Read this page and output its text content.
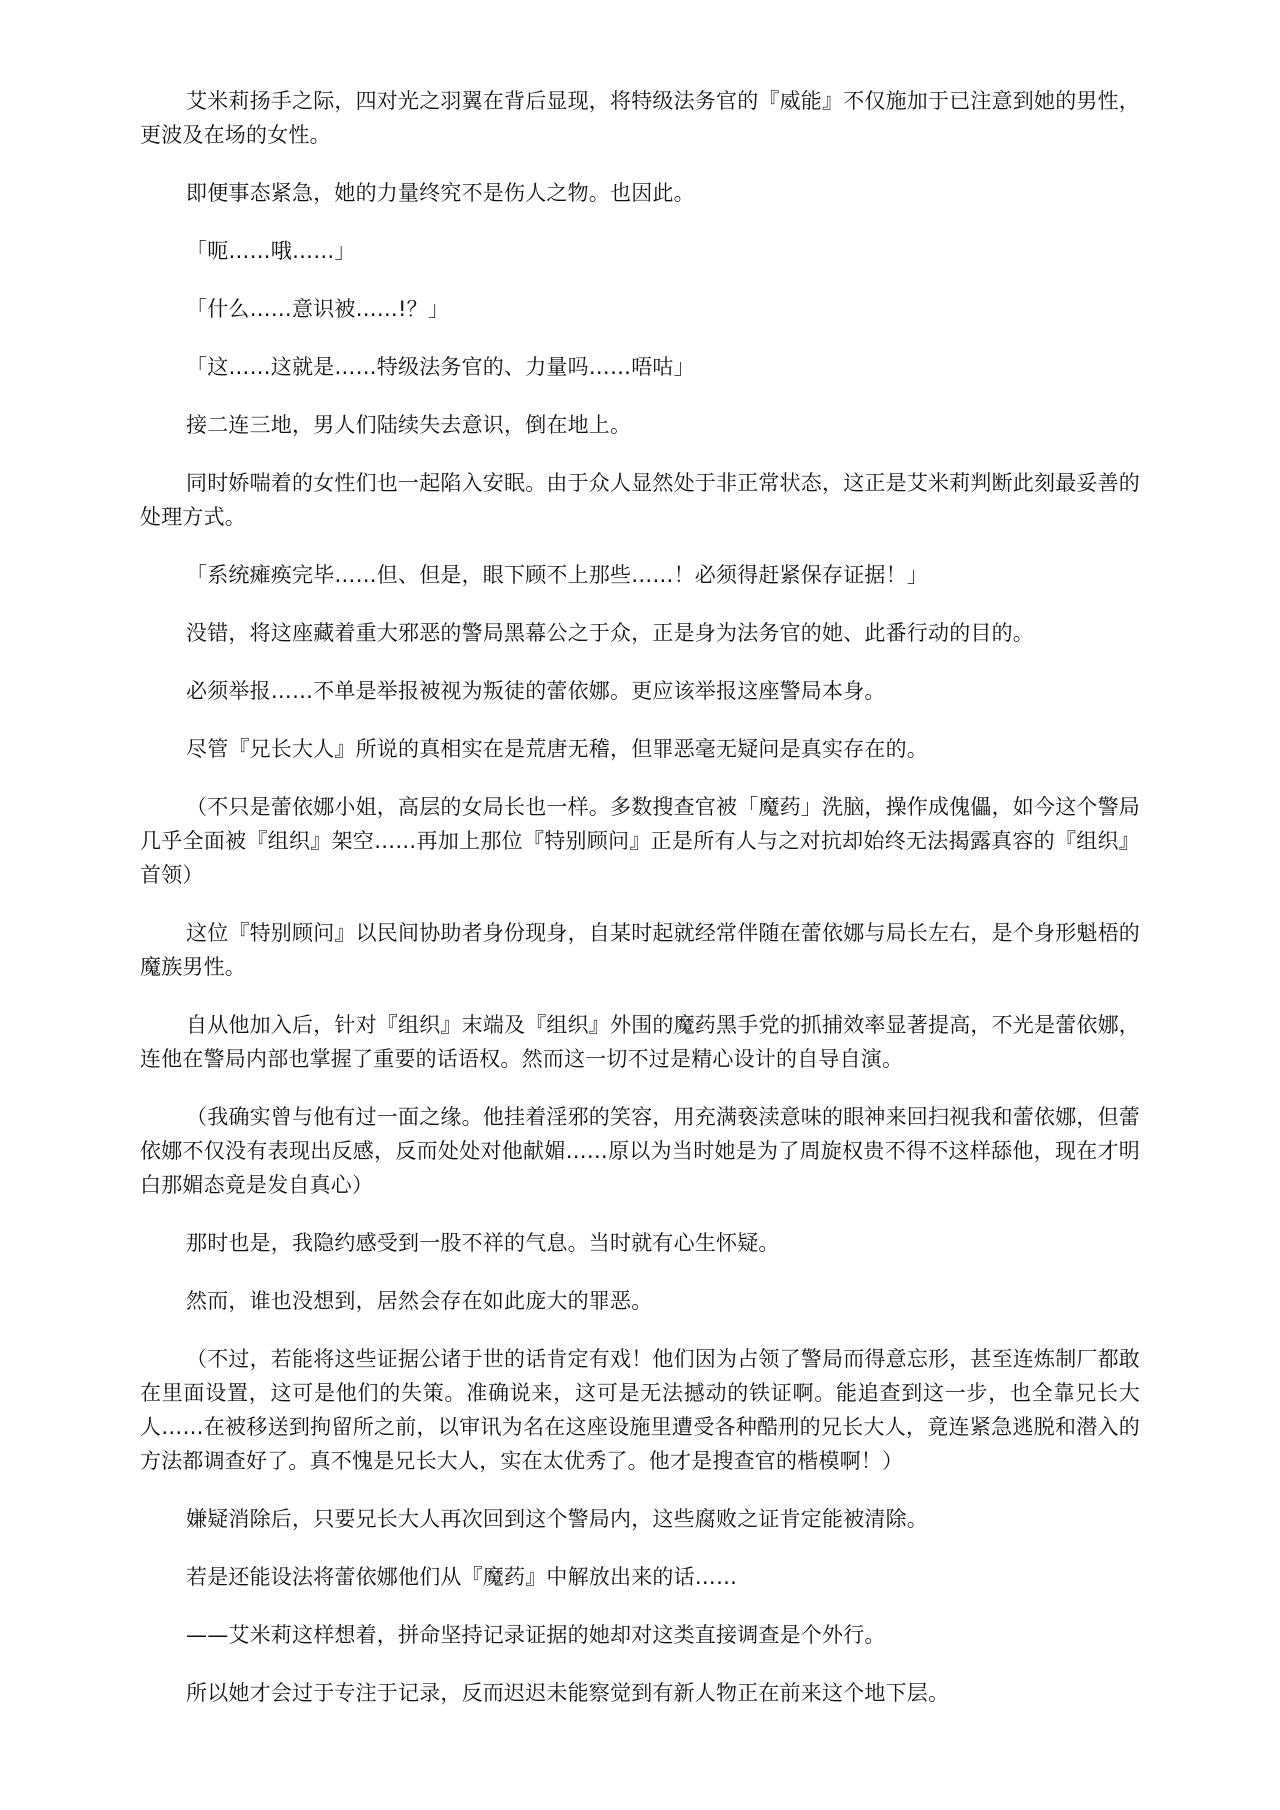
艾米莉扬手之际，四对光之羽翼在背后显现，将特级法务官的『威能』不仅施加于已注意到她的男性，更波及在场的女性。

即便事态紧急，她的力量终究不是伤人之物。也因此。

「呃……哦……」

「什么……意识被……!？」

「这……这就是……特级法务官的、力量吗……唔咕」

接二连三地，男人们陆续失去意识，倒在地上。

同时娇喘着的女性们也一起陷入安眠。由于众人显然处于非正常状态，这正是艾米莉判断此刻最妥善的处理方式。

「系统瘫痪完毕……但、但是，眼下顾不上那些……！必须得赶紧保存证据！」

没错，将这座藏着重大邪恶的警局黑幕公之于众，正是身为法务官的她、此番行动的目的。

必须举报……不单是举报被视为叛徒的蕾依娜。更应该举报这座警局本身。

尽管『兄长大人』所说的真相实在是荒唐无稽，但罪恶毫无疑问是真实存在的。

（不只是蕾依娜小姐，高层的女局长也一样。多数搜查官被「魔药」洗脑，操作成傀儡，如今这个警局几乎全面被『组织』架空……再加上那位『特别顾问』正是所有人与之对抗却始终无法揭露真容的『组织』首领）

这位『特别顾问』以民间协助者身份现身，自某时起就经常伴随在蕾依娜与局长左右，是个身形魁梧的魔族男性。

自从他加入后，针对『组织』末端及『组织』外围的魔药黑手党的抓捕效率显著提高，不光是蕾依娜，连他在警局内部也掌握了重要的话语权。然而这一切不过是精心设计的自导自演。

（我确实曾与他有过一面之缘。他挂着淫邪的笑容，用充满亵渎意味的眼神来回扫视我和蕾依娜，但蕾依娜不仅没有表现出反感，反而处处对他献媚……原以为当时她是为了周旋权贵不得不这样舔他，现在才明白那媚态竟是发自真心）

那时也是，我隐约感受到一股不祥的气息。当时就有心生怀疑。

然而，谁也没想到，居然会存在如此庞大的罪恶。

（不过，若能将这些证据公诸于世的话肯定有戏！他们因为占领了警局而得意忘形，甚至连炼制厂都敢在里面设置，这可是他们的失策。准确说来，这可是无法撼动的铁证啊。能追查到这一步，也全靠兄长大人……在被移送到拘留所之前，以审讯为名在这座设施里遭受各种酷刑的兄长大人，竟连紧急逃脱和潜入的方法都调查好了。真不愧是兄长大人，实在太优秀了。他才是搜查官的楷模啊！）

嫌疑消除后，只要兄长大人再次回到这个警局内，这些腐败之证肯定能被清除。

若是还能设法将蕾依娜他们从『魔药』中解放出来的话……

——艾米莉这样想着，拼命坚持记录证据的她却对这类直接调查是个外行。

所以她才会过于专注于记录，反而迟迟未能察觉到有新人物正在前来这个地下层。
